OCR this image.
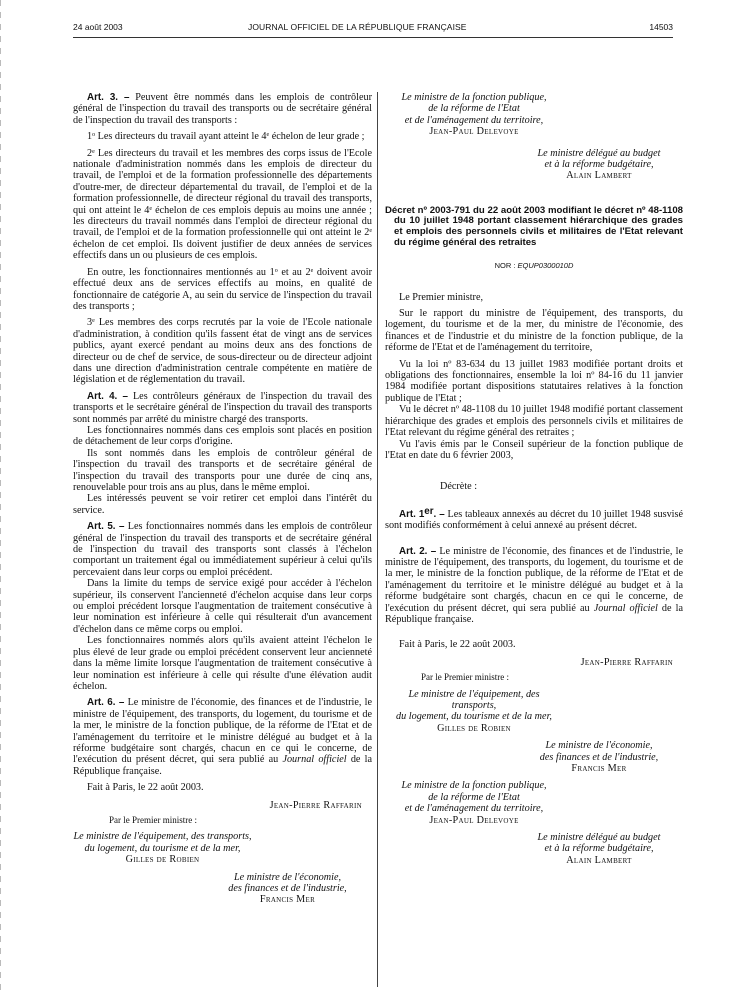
24 août 2003	JOURNAL OFFICIEL DE LA RÉPUBLIQUE FRANÇAISE	14503

Art. 3. – Peuvent être nommés dans les emplois de contrôleur général de l'inspection du travail des transports ou de secrétaire général de l'inspection du travail des transports :

1$^o$ Les directeurs du travail ayant atteint le 4e échelon de leur grade ;

2e Les directeurs du travail et les membres des corps issus de l'Ecole nationale d'administration nommés dans les emplois de directeur du travail, de l'emploi et de la formation professionnelle des départements d'outre-mer, de directeur départemental du travail, de l'emploi et de la formation professionnelle, de directeur régional du travail des transports, qui ont atteint le 4e échelon de ces emplois depuis au moins une année ; les directeurs du travail nommés dans l'emploi de directeur régional du travail, de l'emploi et de la formation professionnelle qui ont atteint le 2e échelon de cet emploi. Ils doivent justifier de deux années de services effectifs dans un ou plusieurs de ces emplois.

En outre, les fonctionnaires mentionnés au 1$^o$ et au 2e doivent avoir effectué deux ans de services effectifs au moins, en qualité de fonctionnaire de catégorie A, au sein du service de l'inspection du travail des transports ;

3e Les membres des corps recrutés par la voie de l'Ecole nationale d'administration, à condition qu'ils fassent état de vingt ans de services publics, ayant exercé pendant au moins deux ans des fonctions de directeur ou de chef de service, de sous-directeur ou de directeur adjoint dans une direction d'administration centrale compétente en matière de législation et de réglementation du travail.

Art. 4. – Les contrôleurs généraux de l'inspection du travail des transports et le secrétaire général de l'inspection du travail des transports sont nommés par arrêté du ministre chargé des transports.

Les fonctionnaires nommés dans ces emplois sont placés en position de détachement de leur corps d'origine.

Ils sont nommés dans les emplois de contrôleur général de l'inspection du travail des transports et de secrétaire général de l'inspection du travail des transports pour une durée de cinq ans, renouvelable pour trois ans au plus, dans le même emploi.

Les intéressés peuvent se voir retirer cet emploi dans l'intérêt du service.

Art. 5. – Les fonctionnaires nommés dans les emplois de contrôleur général de l'inspection du travail des transports et de secrétaire général de l'inspection du travail des transports sont classés à l'échelon comportant un traitement égal ou immédiatement supérieur à celui qu'ils percevaient dans leur corps ou emploi précédent.

Dans la limite du temps de service exigé pour accéder à l'échelon supérieur, ils conservent l'ancienneté d'échelon acquise dans leur corps ou emploi précédent lorsque l'augmentation de traitement consécutive à leur nomination est inférieure à celle qui résulterait d'un avancement d'échelon dans ce même corps ou emploi.

Les fonctionnaires nommés alors qu'ils avaient atteint l'échelon le plus élevé de leur grade ou emploi précédent conservent leur ancienneté dans la même limite lorsque l'augmentation de traitement consécutive à leur nomination est inférieure à celle qui résulte d'une élévation audit échelon.

Art. 6. – Le ministre de l'économie, des finances et de l'industrie, le ministre de l'équipement, des transports, du logement, du tourisme et de la mer, le ministre de la fonction publique, de la réforme de l'Etat et de l'aménagement du territoire et le ministre délégué au budget et à la réforme budgétaire sont chargés, chacun en ce qui le concerne, de l'exécution du présent décret, qui sera publié au Journal officiel de la République française.

Fait à Paris, le 22 août 2003.

Jean-Pierre Raffarin

Par le Premier ministre :

Le ministre de l'équipement, des transports,

du logement, du tourisme et de la mer,

Gilles de Robien

Le ministre de l'économie,

des finances et de l'industrie,

Francis Mer

Le ministre de la fonction publique,

de la réforme de l'Etat

et de l'aménagement du territoire,

Jean-Paul Delevoye

Le ministre délégué au budget

et à la réforme budgétaire,

Alain Lambert

Décret nº 2003-791 du 22 août 2003 modifiant le décret nº 48-1108 du 10 juillet 1948 portant classement hiérarchique des grades et emplois des personnels civils et militaires de l'Etat relevant du régime général des retraites

NOR : EQUP0300010D

Le Premier ministre,

Sur le rapport du ministre de l'équipement, des transports, du logement, du tourisme et de la mer, du ministre de l'économie, des finances et de l'industrie et du ministre de la fonction publique, de la réforme de l'Etat et de l'aménagement du territoire,

Vu la loi nº 83-634 du 13 juillet 1983 modifiée portant droits et obligations des fonctionnaires, ensemble la loi nº 84-16 du 11 janvier 1984 modifiée portant dispositions statutaires relatives à la fonction publique de l'Etat ;

Vu le décret nº 48-1108 du 10 juillet 1948 modifié portant classement hiérarchique des grades et emplois des personnels civils et militaires de l'Etat relevant du régime général des retraites ;

Vu l'avis émis par le Conseil supérieur de la fonction publique de l'Etat en date du 6 février 2003,

Décrète :

Art. 1er. – Les tableaux annexés au décret du 10 juillet 1948 susvisé sont modifiés conformément à celui annexé au présent décret.

Art. 2. – Le ministre de l'économie, des finances et de l'industrie, le ministre de l'équipement, des transports, du logement, du tourisme et de la mer, le ministre de la fonction publique, de la réforme de l'Etat et de l'aménagement du territoire et le ministre délégué au budget et à la réforme budgétaire sont chargés, chacun en ce qui le concerne, de l'exécution du présent décret, qui sera publié au Journal officiel de la République française.

Fait à Paris, le 22 août 2003.

Jean-Pierre Raffarin

Par le Premier ministre :

Le ministre de l'équipement, des transports,

du logement, du tourisme et de la mer,

Gilles de Robien

Le ministre de l'économie,

des finances et de l'industrie,

Francis Mer

Le ministre de la fonction publique,

de la réforme de l'Etat

et de l'aménagement du territoire,

Jean-Paul Delevoye

Le ministre délégué au budget

et à la réforme budgétaire,

Alain Lambert
